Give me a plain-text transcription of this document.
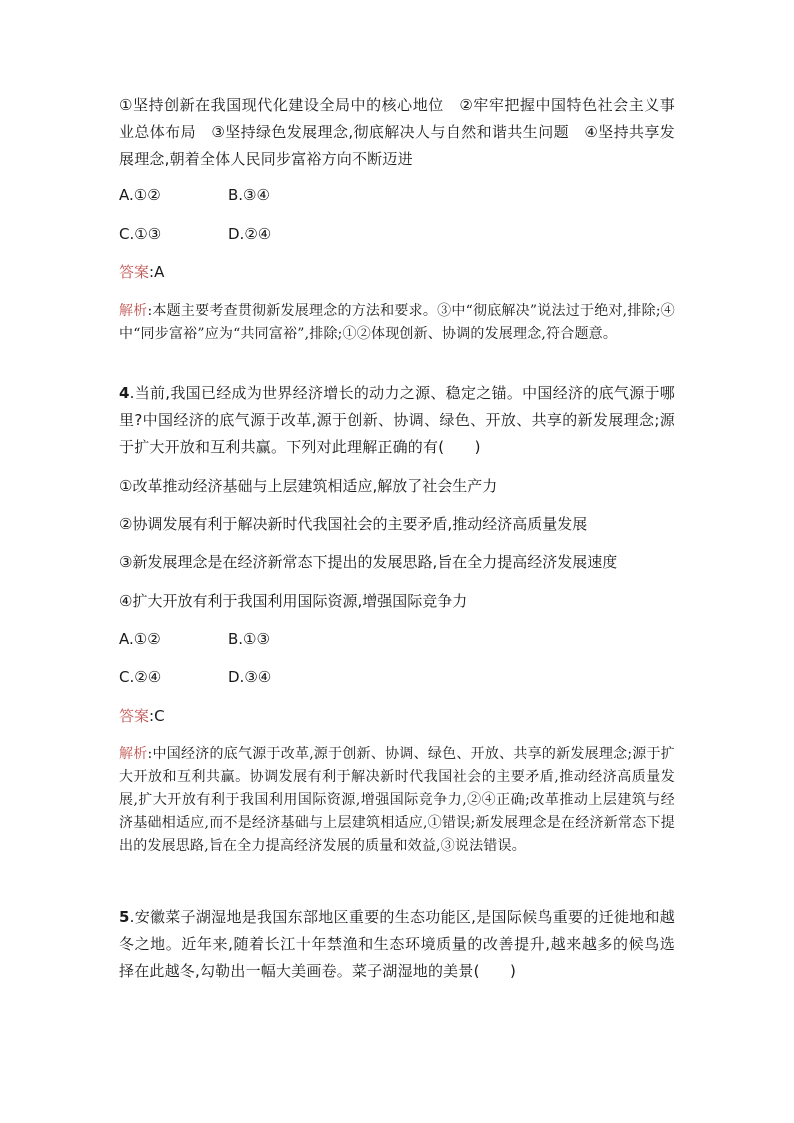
①坚持创新在我国现代化建设全局中的核心地位　②牢牢把握中国特色社会主义事业总体布局　③坚持绿色发展理念,彻底解决人与自然和谐共生问题　④坚持共享发展理念,朝着全体人民同步富裕方向不断迈进
A.①②	B.③④
C.①③	D.②④
答案:A
解析:本题主要考查贯彻新发展理念的方法和要求。③中“彻底解决”说法过于绝对,排除;④中“同步富裕”应为“共同富裕”,排除;①②体现创新、协调的发展理念,符合题意。
4.当前,我国已经成为世界经济增长的动力之源、稳定之锚。中国经济的底气源于哪里?中国经济的底气源于改革,源于创新、协调、绿色、开放、共享的新发展理念;源于扩大开放和互利共赢。下列对此理解正确的有(　　)
①改革推动经济基础与上层建筑相适应,解放了社会生产力
②协调发展有利于解决新时代我国社会的主要矛盾,推动经济高质量发展
③新发展理念是在经济新常态下提出的发展思路,旨在全力提高经济发展速度
④扩大开放有利于我国利用国际资源,增强国际竞争力
A.①②	B.①③
C.②④	D.③④
答案:C
解析:中国经济的底气源于改革,源于创新、协调、绿色、开放、共享的新发展理念;源于扩大开放和互利共赢。协调发展有利于解决新时代我国社会的主要矛盾,推动经济高质量发展,扩大开放有利于我国利用国际资源,增强国际竞争力,②④正确;改革推动上层建筑与经济基础相适应,而不是经济基础与上层建筑相适应,①错误;新发展理念是在经济新常态下提出的发展思路,旨在全力提高经济发展的质量和效益,③说法错误。
5.安徽菜子湖湿地是我国东部地区重要的生态功能区,是国际候鸟重要的迁徙地和越冬之地。近年来,随着长江十年禁渔和生态环境质量的改善提升,越来越多的候鸟选择在此越冬,勾勒出一幅大美画卷。菜子湖湿地的美景(　　)
